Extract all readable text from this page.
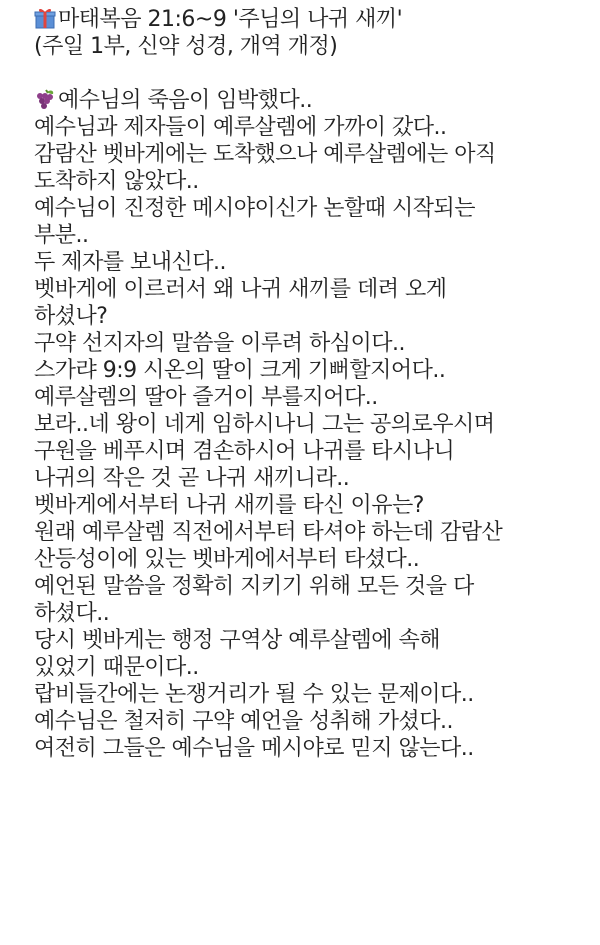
마태복음 21:6~9 '주님의 나귀 새끼'
(주일 1부, 신약 성경, 개역 개정)
예수님의 죽음이 임박했다..
예수님과 제자들이 예루살렘에 가까이 갔다..
감람산 벳바게에는 도착했으나 예루살렘에는 아직
도착하지 않았다..
예수님이 진정한 메시야이신가 논할때 시작되는
부분..
두 제자를 보내신다..
벳바게에 이르러서 왜 나귀 새끼를 데려 오게
하셨나?
구약 선지자의 말씀을 이루려 하심이다..
스가랴 9:9 시온의 딸이 크게 기뻐할지어다..
예루살렘의 딸아 즐거이 부를지어다..
보라..네 왕이 네게 임하시나니 그는 공의로우시며
구원을 베푸시며 겸손하시어 나귀를 타시나니
나귀의 작은 것 곧 나귀 새끼니라..
벳바게에서부터 나귀 새끼를 타신 이유는?
원래 예루살렘 직전에서부터 타셔야 하는데 감람산
산등성이에 있는 벳바게에서부터 타셨다..
예언된 말씀을 정확히 지키기 위해 모든 것을 다
하셨다..
당시 벳바게는 행정 구역상 예루살렘에 속해
있었기 때문이다..
랍비들간에는 논쟁거리가 될 수 있는 문제이다..
예수님은 철저히 구약 예언을 성취해 가셨다..
여전히 그들은 예수님을 메시야로 믿지 않는다..
